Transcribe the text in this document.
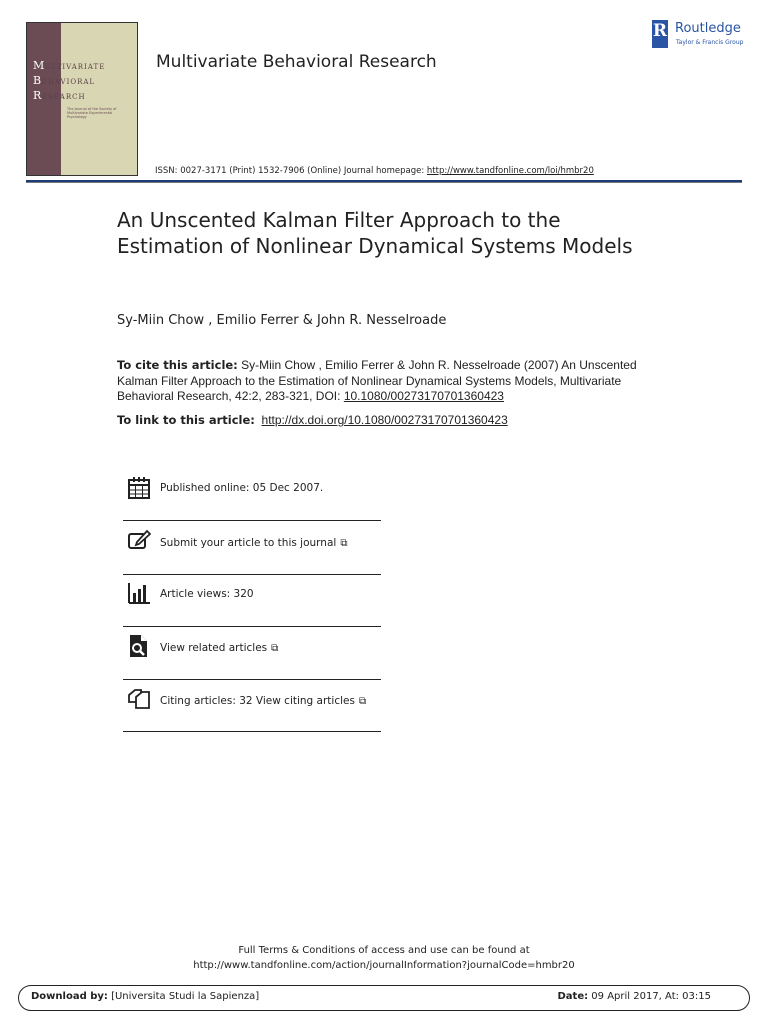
MULTIVARIATE
BEHAVIORAL
RESEARCH
The Journal of the Society of Multivariate Experimental Psychology
Multivariate Behavioral Research
ISSN: 0027-3171 (Print) 1532-7906 (Online) Journal homepage: http://www.tandfonline.com/loi/hmbr20
R Routledge
Taylor & Francis Group
An Unscented Kalman Filter Approach to the Estimation of Nonlinear Dynamical Systems Models
Sy-Miin Chow , Emilio Ferrer & John R. Nesselroade
To cite this article: Sy-Miin Chow , Emilio Ferrer & John R. Nesselroade (2007) An Unscented Kalman Filter Approach to the Estimation of Nonlinear Dynamical Systems Models, Multivariate Behavioral Research, 42:2, 283-321, DOI: 10.1080/00273170701360423
To link to this article: http://dx.doi.org/10.1080/00273170701360423
Published online: 05 Dec 2007.
Submit your article to this journal ⧉
Article views: 320
View related articles ⧉
Citing articles: 32 View citing articles ⧉
Full Terms & Conditions of access and use can be found at
http://www.tandfonline.com/action/journalInformation?journalCode=hmbr20
Download by: [Universita Studi la Sapienza]	Date: 09 April 2017, At: 03:15
